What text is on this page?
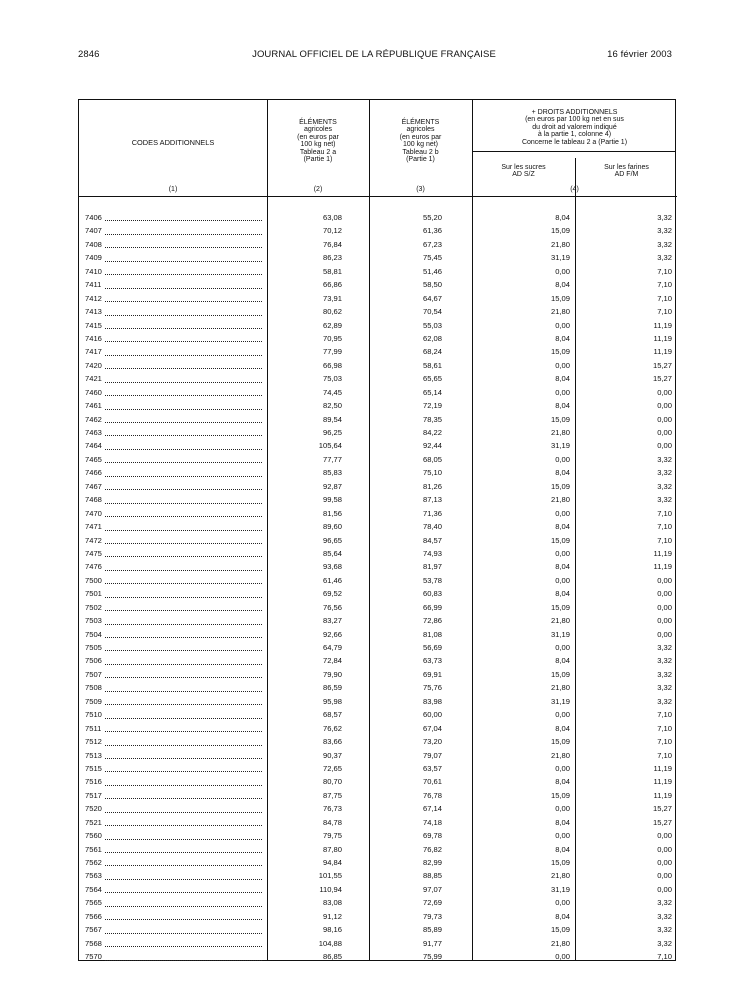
2846	JOURNAL OFFICIEL DE LA RÉPUBLIQUE FRANÇAISE	16 février 2003
CODES ADDITIONNELS
ÉLÉMENTS
agricoles
(en euros par
100 kg net)
Tableau 2 a
(Partie 1)
ÉLÉMENTS
agricoles
(en euros par
100 kg net)
Tableau 2 b
(Partie 1)
+ DROITS ADDITIONNELS
(en euros par 100 kg net en sus
du droit ad valorem indiqué
à la partie 1, colonne 4)
Concerne le tableau 2 a (Partie 1)
Sur les sucres
AD S/Z
Sur les farines
AD F/M
(1)	(2)	(3)	(4)
7406	63,08	55,20	8,04	3,32
7407	70,12	61,36	15,09	3,32
7408	76,84	67,23	21,80	3,32
7409	86,23	75,45	31,19	3,32
7410	58,81	51,46	0,00	7,10
7411	66,86	58,50	8,04	7,10
7412	73,91	64,67	15,09	7,10
7413	80,62	70,54	21,80	7,10
7415	62,89	55,03	0,00	11,19
7416	70,95	62,08	8,04	11,19
7417	77,99	68,24	15,09	11,19
7420	66,98	58,61	0,00	15,27
7421	75,03	65,65	8,04	15,27
7460	74,45	65,14	0,00	0,00
7461	82,50	72,19	8,04	0,00
7462	89,54	78,35	15,09	0,00
7463	96,25	84,22	21,80	0,00
7464	105,64	92,44	31,19	0,00
7465	77,77	68,05	0,00	3,32
7466	85,83	75,10	8,04	3,32
7467	92,87	81,26	15,09	3,32
7468	99,58	87,13	21,80	3,32
7470	81,56	71,36	0,00	7,10
7471	89,60	78,40	8,04	7,10
7472	96,65	84,57	15,09	7,10
7475	85,64	74,93	0,00	11,19
7476	93,68	81,97	8,04	11,19
7500	61,46	53,78	0,00	0,00
7501	69,52	60,83	8,04	0,00
7502	76,56	66,99	15,09	0,00
7503	83,27	72,86	21,80	0,00
7504	92,66	81,08	31,19	0,00
7505	64,79	56,69	0,00	3,32
7506	72,84	63,73	8,04	3,32
7507	79,90	69,91	15,09	3,32
7508	86,59	75,76	21,80	3,32
7509	95,98	83,98	31,19	3,32
7510	68,57	60,00	0,00	7,10
7511	76,62	67,04	8,04	7,10
7512	83,66	73,20	15,09	7,10
7513	90,37	79,07	21,80	7,10
7515	72,65	63,57	0,00	11,19
7516	80,70	70,61	8,04	11,19
7517	87,75	76,78	15,09	11,19
7520	76,73	67,14	0,00	15,27
7521	84,78	74,18	8,04	15,27
7560	79,75	69,78	0,00	0,00
7561	87,80	76,82	8,04	0,00
7562	94,84	82,99	15,09	0,00
7563	101,55	88,85	21,80	0,00
7564	110,94	97,07	31,19	0,00
7565	83,08	72,69	0,00	3,32
7566	91,12	79,73	8,04	3,32
7567	98,16	85,89	15,09	3,32
7568	104,88	91,77	21,80	3,32
7570	86,85	75,99	0,00	7,10
